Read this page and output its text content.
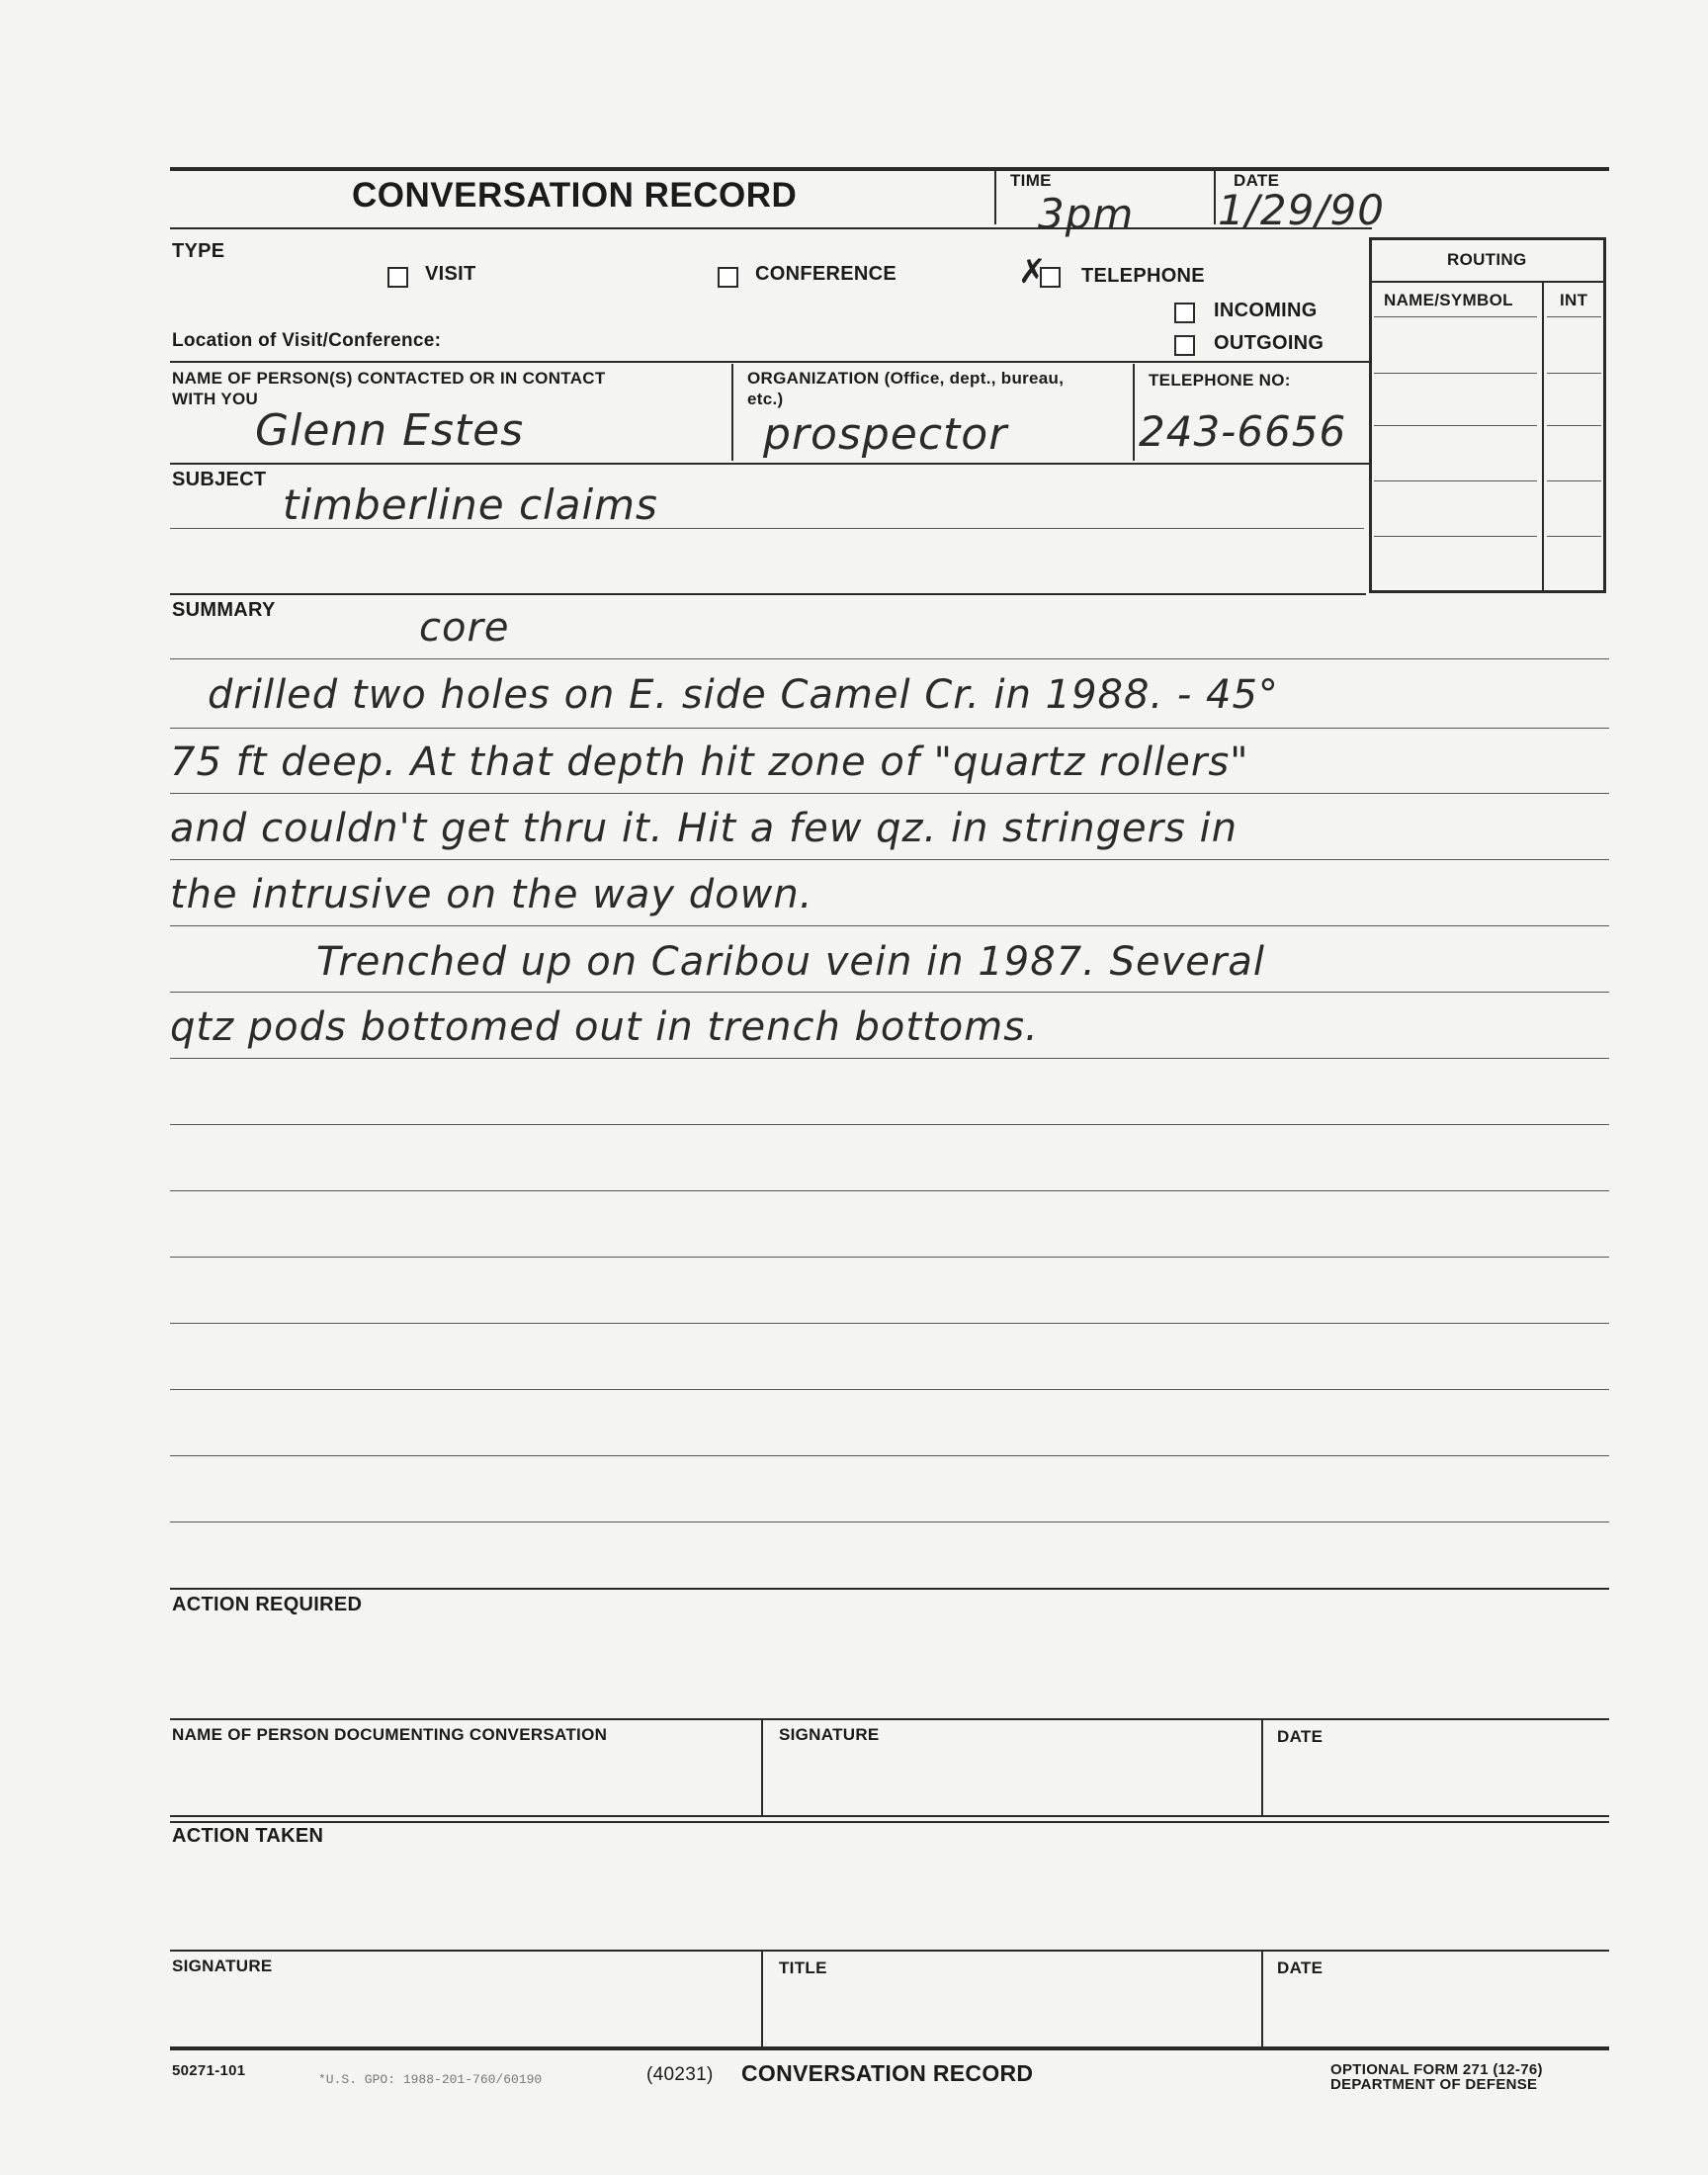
CONVERSATION RECORD	TIME
3pm
DATE
1/29/90
TYPE
VISIT	CONFERENCE	✗ TELEPHONE
INCOMING
OUTGOING
Location of Visit/Conference:
ROUTING
NAME/SYMBOL	INT
NAME OF PERSON(S) CONTACTED OR IN CONTACT
WITH YOU
Glenn Estes
ORGANIZATION (Office, dept., bureau,
etc.)
prospector
TELEPHONE NO:
243-6656
SUBJECT
timberline claims
SUMMARY	core
drilled two holes on E. side Camel Cr. in 1988. - 45°
75 ft deep. At that depth hit zone of "quartz rollers"
and couldn't get thru it. Hit a few qz. in stringers in
the intrusive on the way down.
Trenched up on Caribou vein in 1987. Several
qtz pods bottomed out in trench bottoms.
ACTION REQUIRED
NAME OF PERSON DOCUMENTING CONVERSATION	SIGNATURE	DATE
ACTION TAKEN
SIGNATURE	TITLE	DATE
50271-101
*U.S. GPO: 1988-201-760/60190	(40231) CONVERSATION RECORD	OPTIONAL FORM 271 (12-76)
DEPARTMENT OF DEFENSE
